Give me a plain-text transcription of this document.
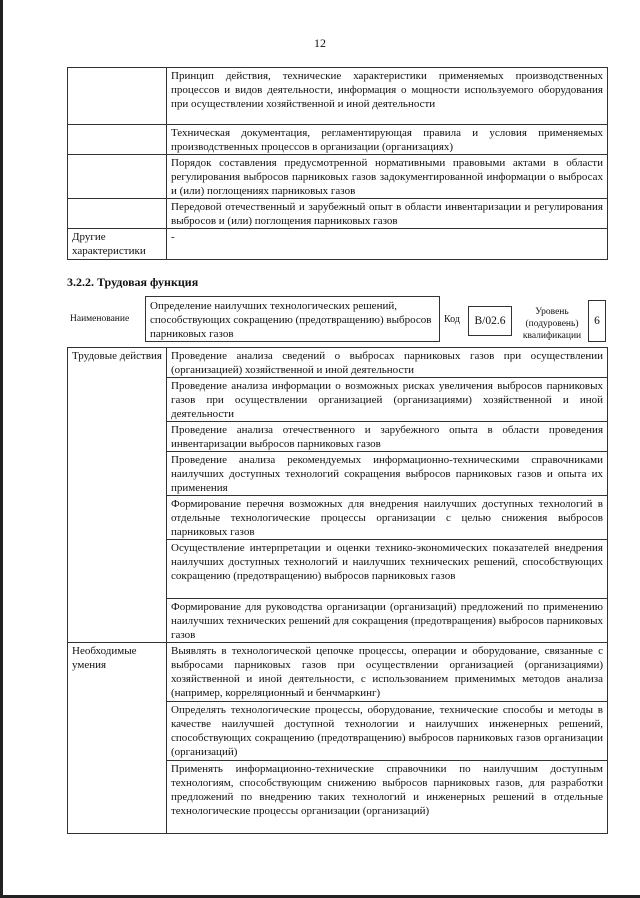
12
	Принцип действия, технические характеристики применяемых производственных процессов и видов деятельности, информация о мощности используемого оборудования при осуществлении хозяйственной и иной деятельности
	Техническая документация, регламентирующая правила и условия применяемых производственных процессов в организации (организациях)
	Порядок составления предусмотренной нормативными правовыми актами в области регулирования выбросов парниковых газов задокументированной информации о выбросах и (или) поглощениях парниковых газов
	Передовой отечественный и зарубежный опыт в области инвентаризации и регулирования выбросов и (или) поглощения парниковых газов
Другие характеристики	-
3.2.2. Трудовая функция
Наименование
Определение наилучших технологических решений, способствующих сокращению (предотвращению) выбросов парниковых газов
Код	B/02.6
Уровень (подуровень) квалификации
6
Трудовые действия	Проведение анализа сведений о выбросах парниковых газов при осуществлении (организацией) хозяйственной и иной деятельности
	Проведение анализа информации о возможных рисках увеличения выбросов парниковых газов при осуществлении организацией (организациями) хозяйственной и иной деятельности
	Проведение анализа отечественного и зарубежного опыта в области проведения инвентаризации выбросов парниковых газов
	Проведение анализа рекомендуемых информационно-техническими справочниками наилучших доступных технологий сокращения выбросов парниковых газов и опыта их применения
	Формирование перечня возможных для внедрения наилучших доступных технологий в отдельные технологические процессы организации с целью снижения выбросов парниковых газов
	Осуществление интерпретации и оценки технико-экономических показателей внедрения наилучших доступных технологий и наилучших технических решений, способствующих сокращению (предотвращению) выбросов парниковых газов
	Формирование для руководства организации (организаций) предложений по применению наилучших технических решений для сокращения (предотвращения) выбросов парниковых газов
Необходимые умения	Выявлять в технологической цепочке процессы, операции и оборудование, связанные с выбросами парниковых газов при осуществлении организацией (организациями) хозяйственной и иной деятельности, с использованием применимых методов анализа (например, корреляционный и бенчмаркинг)
	Определять технологические процессы, оборудование, технические способы и методы в качестве наилучшей доступной технологии и наилучших инженерных решений, способствующих сокращению (предотвращению) выбросов парниковых газов организации (организаций)
	Применять информационно-технические справочники по наилучшим доступным технологиям, способствующим снижению выбросов парниковых газов, для разработки предложений по внедрению таких технологий и инженерных решений в отдельные технологические процессы организации (организаций)
